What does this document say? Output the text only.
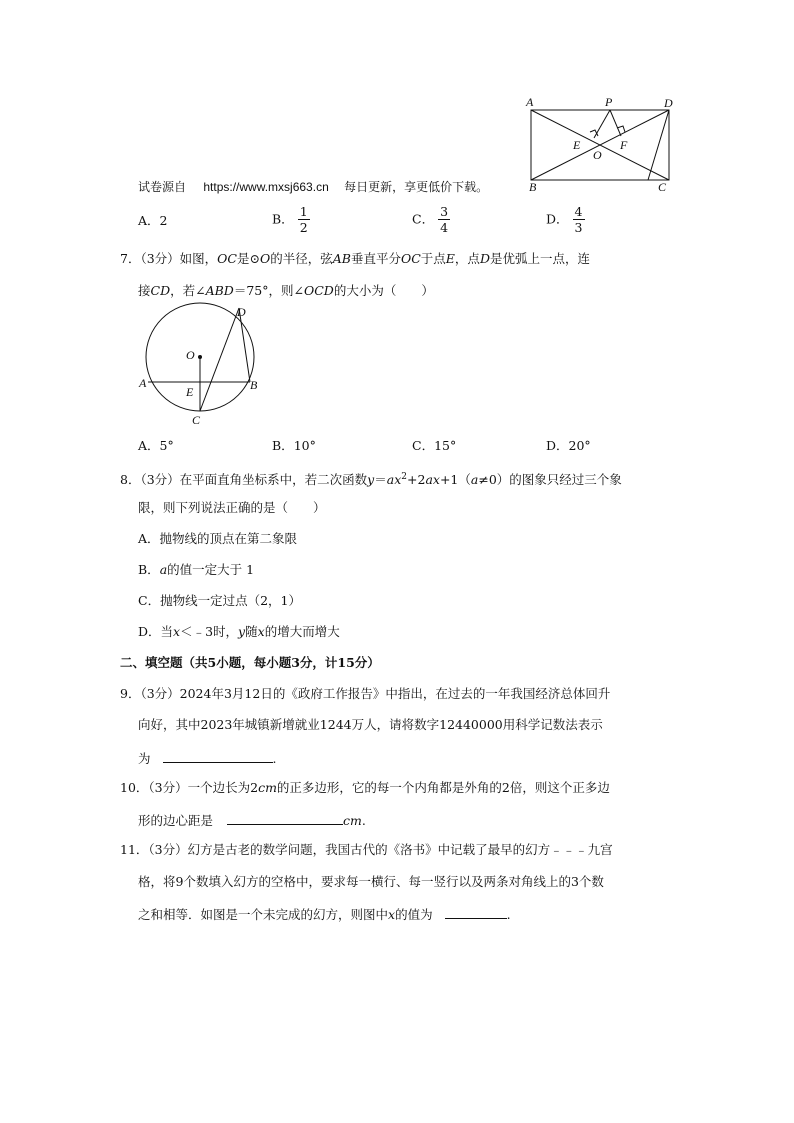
A	P	D
E
O
F
B	C
试卷源自 https://www.mxsj663.cn 每日更新，享更低价下载。
A．2	B． $\frac{1}{2}$	C． $\frac{3}{4}$	D． $\frac{4}{3}$
7．（3分）如图，OC是⊙O的半径，弦AB垂直平分OC于点E，点D是优弧上一点，连
接CD，若∠ABD＝75°，则∠OCD的大小为（　　）
D
O
A
E	B
C
A．5°	B．10°	C．15°	D．20°
8．（3分）在平面直角坐标系中，若二次函数$y=ax^2+2ax+1(a\ne 0)$的图象只经过三个象
限，则下列说法正确的是（　　）
A．抛物线的顶点在第二象限
B．a的值一定大于 1
C．抛物线一定过点（2，1）
D．当x＜﹣3时，y随x的增大而增大
二、填空题（共5小题，每小题3分，计15分）
9．（3分）2024年3月12日的《政府工作报告》中指出，在过去的一年我国经济总体回升
向好，其中2023年城镇新增就业1244万人，请将数字12440000用科学记数法表示
为	.
10．（3分）一个边长为2cm的正多边形，它的每一个内角都是外角的2倍，则这个正多边
形的边心距是	cm.
11．（3分）幻方是古老的数学问题，我国古代的《洛书》中记载了最早的幻方﹣﹣﹣九宫
格，将9个数填入幻方的空格中，要求每一横行、每一竖行以及两条对角线上的3个数
之和相等．如图是一个未完成的幻方，则图中x的值为	.
